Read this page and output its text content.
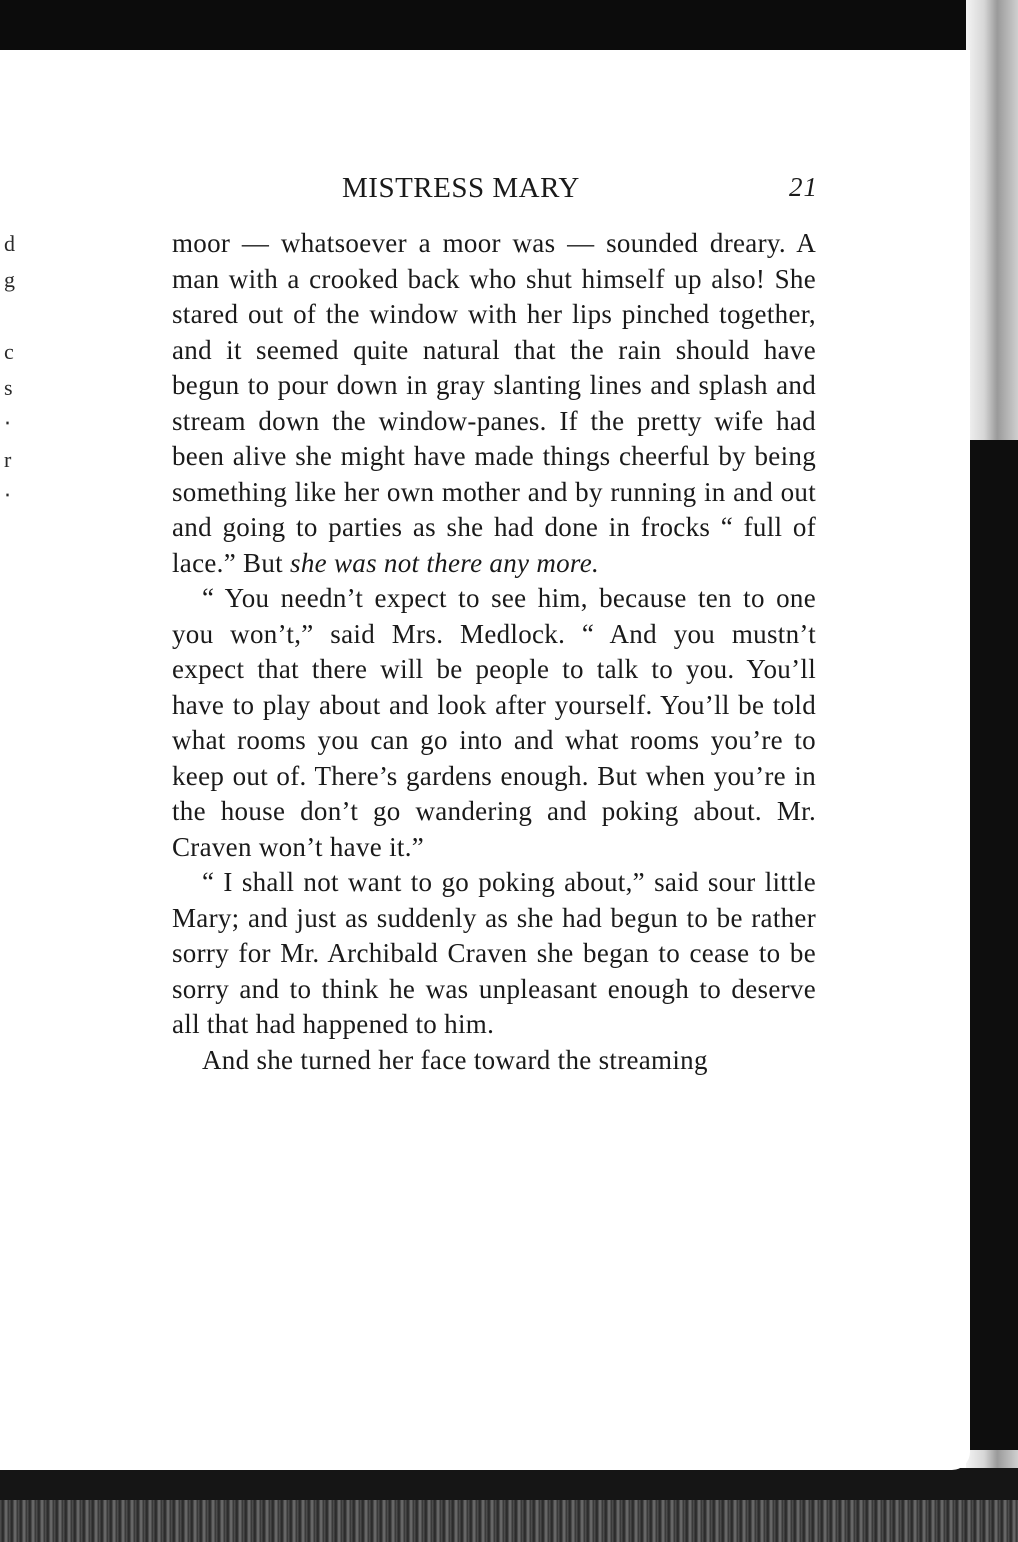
d
g
c
s
‧
r
‧
MISTRESS MARY	21

moor — whatsoever a moor was — sounded dreary. A man with a crooked back who shut himself up also! She stared out of the window with her lips pinched together, and it seemed quite natural that the rain should have begun to pour down in gray slanting lines and splash and stream down the window-panes. If the pretty wife had been alive she might have made things cheerful by being something like her own mother and by running in and out and going to parties as she had done in frocks “ full of lace.” But she was not there any more.

“ You needn’t expect to see him, because ten to one you won’t,” said Mrs. Medlock. “ And you mustn’t expect that there will be people to talk to you. You’ll have to play about and look after yourself. You’ll be told what rooms you can go into and what rooms you’re to keep out of. There’s gardens enough. But when you’re in the house don’t go wandering and poking about. Mr. Craven won’t have it.”

“ I shall not want to go poking about,” said sour little Mary; and just as suddenly as she had begun to be rather sorry for Mr. Archibald Craven she began to cease to be sorry and to think he was unpleasant enough to deserve all that had happened to him.

And she turned her face toward the streaming
